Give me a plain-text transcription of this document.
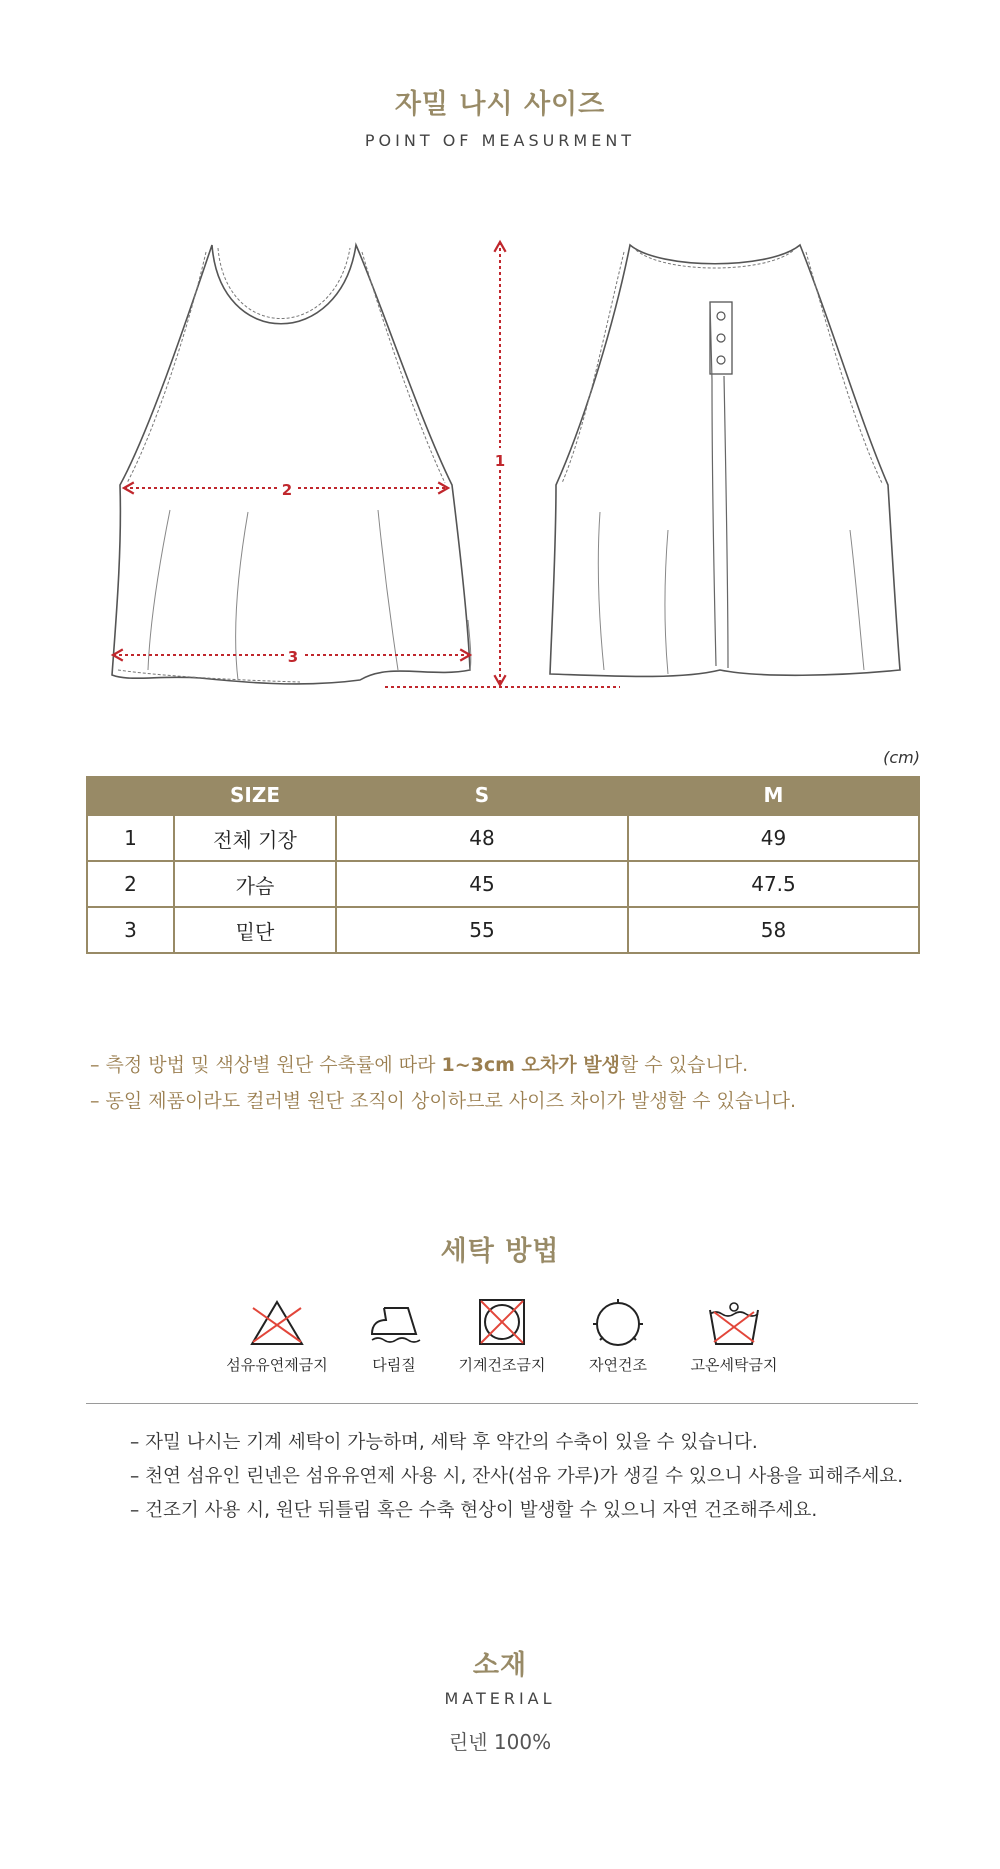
자밀 나시 사이즈
POINT OF MEASURMENT
2
3
1
(cm)
	SIZE	S	M
1	전체 기장	48	49
2	가슴	45	47.5
3	밑단	55	58
– 측정 방법 및 색상별 원단 수축률에 따라 1~3cm 오차가 발생할 수 있습니다.
– 동일 제품이라도 컬러별 원단 조직이 상이하므로 사이즈 차이가 발생할 수 있습니다.
세탁 방법
섬유유연제금지	다림질	기계건조금지	자연건조	고온세탁금지
– 자밀 나시는 기계 세탁이 가능하며, 세탁 후 약간의 수축이 있을 수 있습니다.
– 천연 섬유인 린넨은 섬유유연제 사용 시, 잔사(섬유 가루)가 생길 수 있으니 사용을 피해주세요.
– 건조기 사용 시, 원단 뒤틀림 혹은 수축 현상이 발생할 수 있으니 자연 건조해주세요.
소재
MATERIAL
린넨 100%
